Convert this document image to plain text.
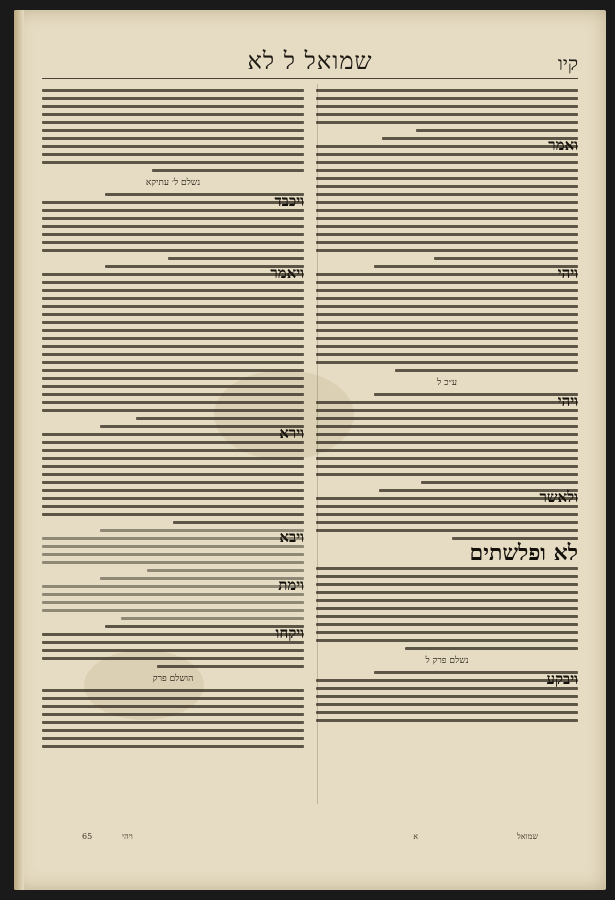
קיו
שמואל ל לא
ואמר
ויהי
ע״כ ל
ויהי
ולאשר
לא ופלשתים
נשלם פרק ל
ויבקע
נשלם ל׳ עתיקא
ויכבד
ויאמר
וירא
ויבא
וימת
ויקחו
הושלם פרק
שמואל
א
ויהי
65
